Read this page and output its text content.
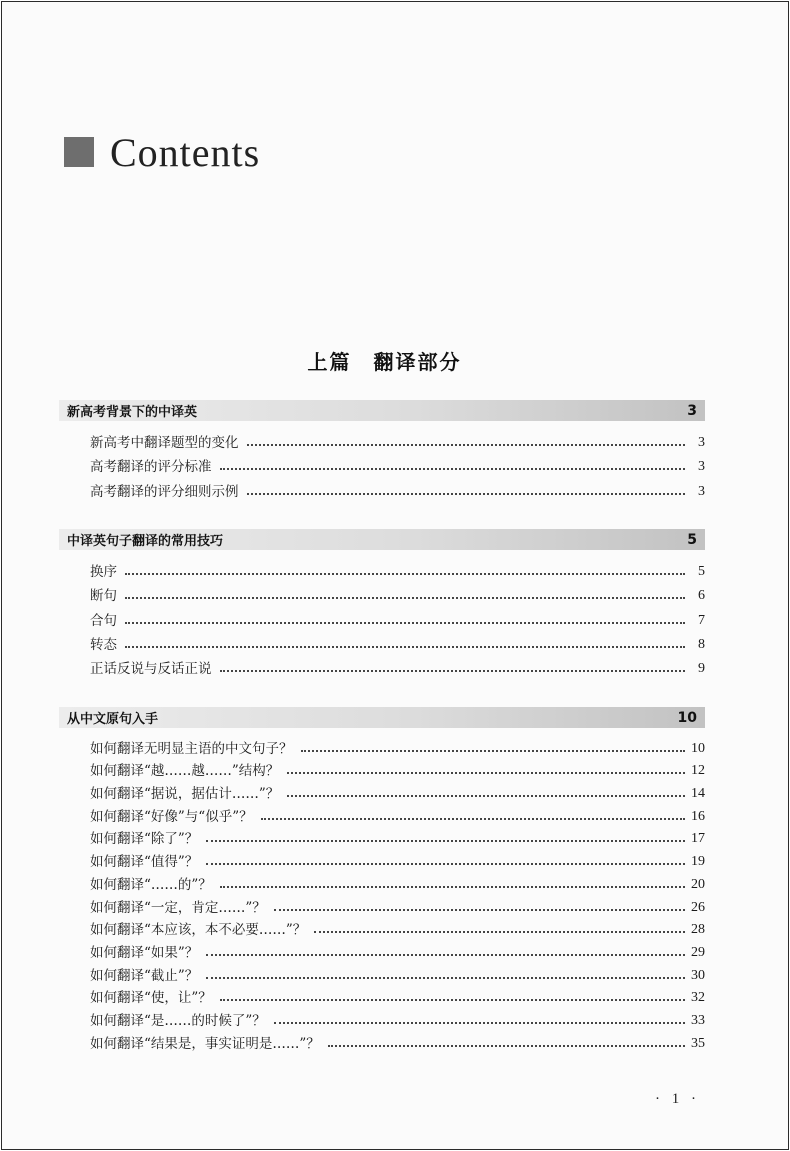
Contents
上篇　翻译部分
新高考背景下的中译英	3
新高考中翻译题型的变化	3
高考翻译的评分标准	3
高考翻译的评分细则示例	3
中译英句子翻译的常用技巧	5
换序	5
断句	6
合句	7
转态	8
正话反说与反话正说	9
从中文原句入手	10
如何翻译无明显主语的中文句子？	10
如何翻译“越……越……”结构？	12
如何翻译“据说，据估计……”？	14
如何翻译“好像”与“似乎”？	16
如何翻译“除了”？	17
如何翻译“值得”？	19
如何翻译“……的”？	20
如何翻译“一定，肯定……”？	26
如何翻译“本应该，本不必要……”？	28
如何翻译“如果”？	29
如何翻译“截止”？	30
如何翻译“使，让”？	32
如何翻译“是……的时候了”？	33
如何翻译“结果是，事实证明是……”？	35
· 1 ·
